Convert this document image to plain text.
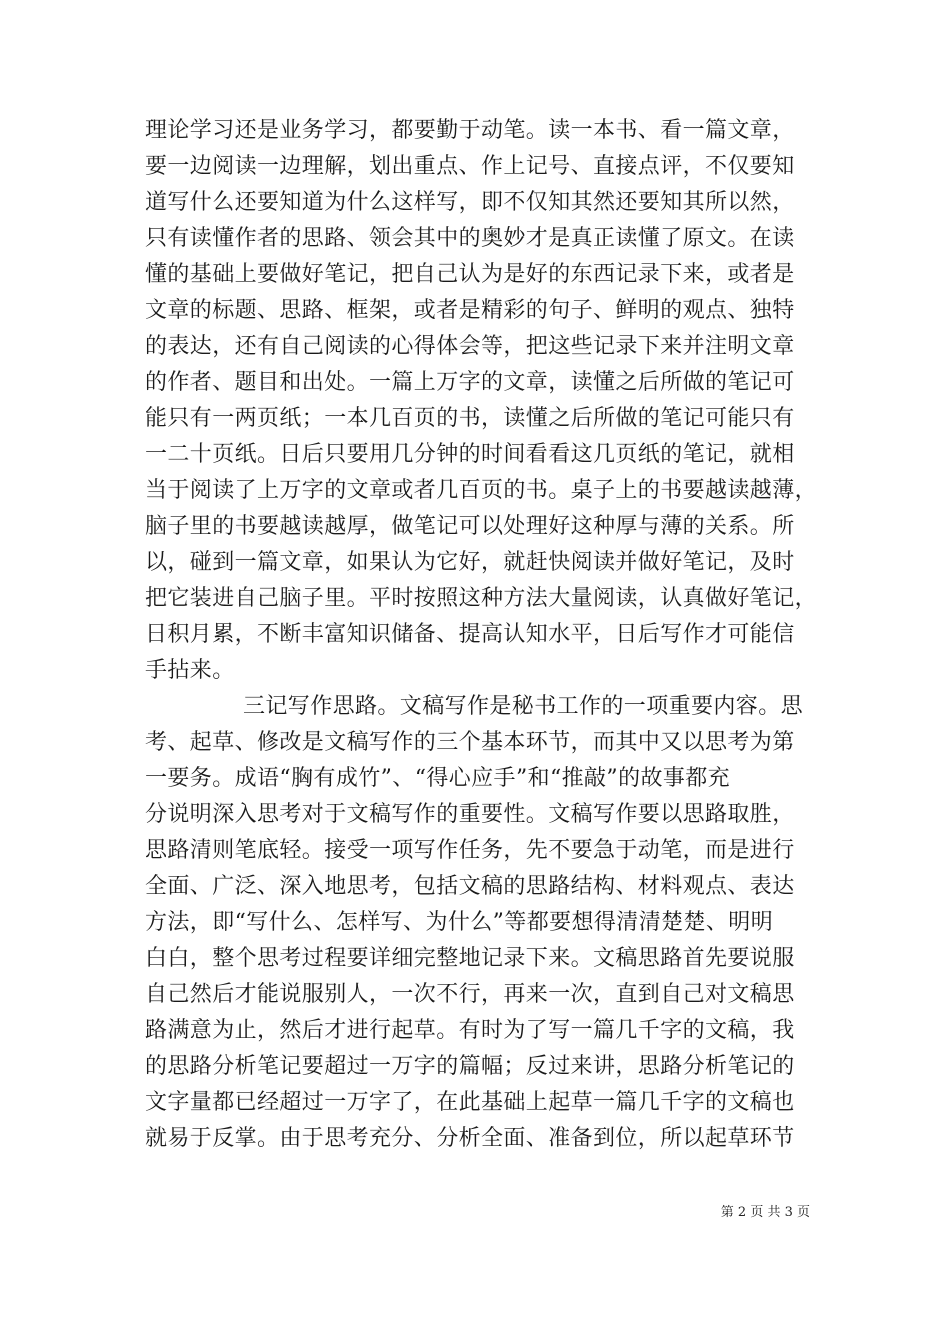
理论学习还是业务学习，都要勤于动笔。读一本书、看一篇文章，
要一边阅读一边理解，划出重点、作上记号、直接点评，不仅要知
道写什么还要知道为什么这样写，即不仅知其然还要知其所以然，
只有读懂作者的思路、领会其中的奥妙才是真正读懂了原文。在读
懂的基础上要做好笔记，把自己认为是好的东西记录下来，或者是
文章的标题、思路、框架，或者是精彩的句子、鲜明的观点、独特
的表达，还有自己阅读的心得体会等，把这些记录下来并注明文章
的作者、题目和出处。一篇上万字的文章，读懂之后所做的笔记可
能只有一两页纸；一本几百页的书，读懂之后所做的笔记可能只有
一二十页纸。日后只要用几分钟的时间看看这几页纸的笔记，就相
当于阅读了上万字的文章或者几百页的书。桌子上的书要越读越薄，
脑子里的书要越读越厚，做笔记可以处理好这种厚与薄的关系。所
以，碰到一篇文章，如果认为它好，就赶快阅读并做好笔记，及时
把它装进自己脑子里。平时按照这种方法大量阅读，认真做好笔记，
日积月累，不断丰富知识储备、提高认知水平，日后写作才可能信
手拈来。
三记写作思路。文稿写作是秘书工作的一项重要内容。思
考、起草、修改是文稿写作的三个基本环节，而其中又以思考为第
一要务。成语“胸有成竹”、“得心应手”和“推敲”的故事都充
分说明深入思考对于文稿写作的重要性。文稿写作要以思路取胜，
思路清则笔底轻。接受一项写作任务，先不要急于动笔，而是进行
全面、广泛、深入地思考，包括文稿的思路结构、材料观点、表达
方法，即“写什么、怎样写、为什么”等都要想得清清楚楚、明明
白白，整个思考过程要详细完整地记录下来。文稿思路首先要说服
自己然后才能说服别人，一次不行，再来一次，直到自己对文稿思
路满意为止，然后才进行起草。有时为了写一篇几千字的文稿，我
的思路分析笔记要超过一万字的篇幅；反过来讲，思路分析笔记的
文字量都已经超过一万字了，在此基础上起草一篇几千字的文稿也
就易于反掌。由于思考充分、分析全面、准备到位，所以起草环节
第 2 页 共 3 页
